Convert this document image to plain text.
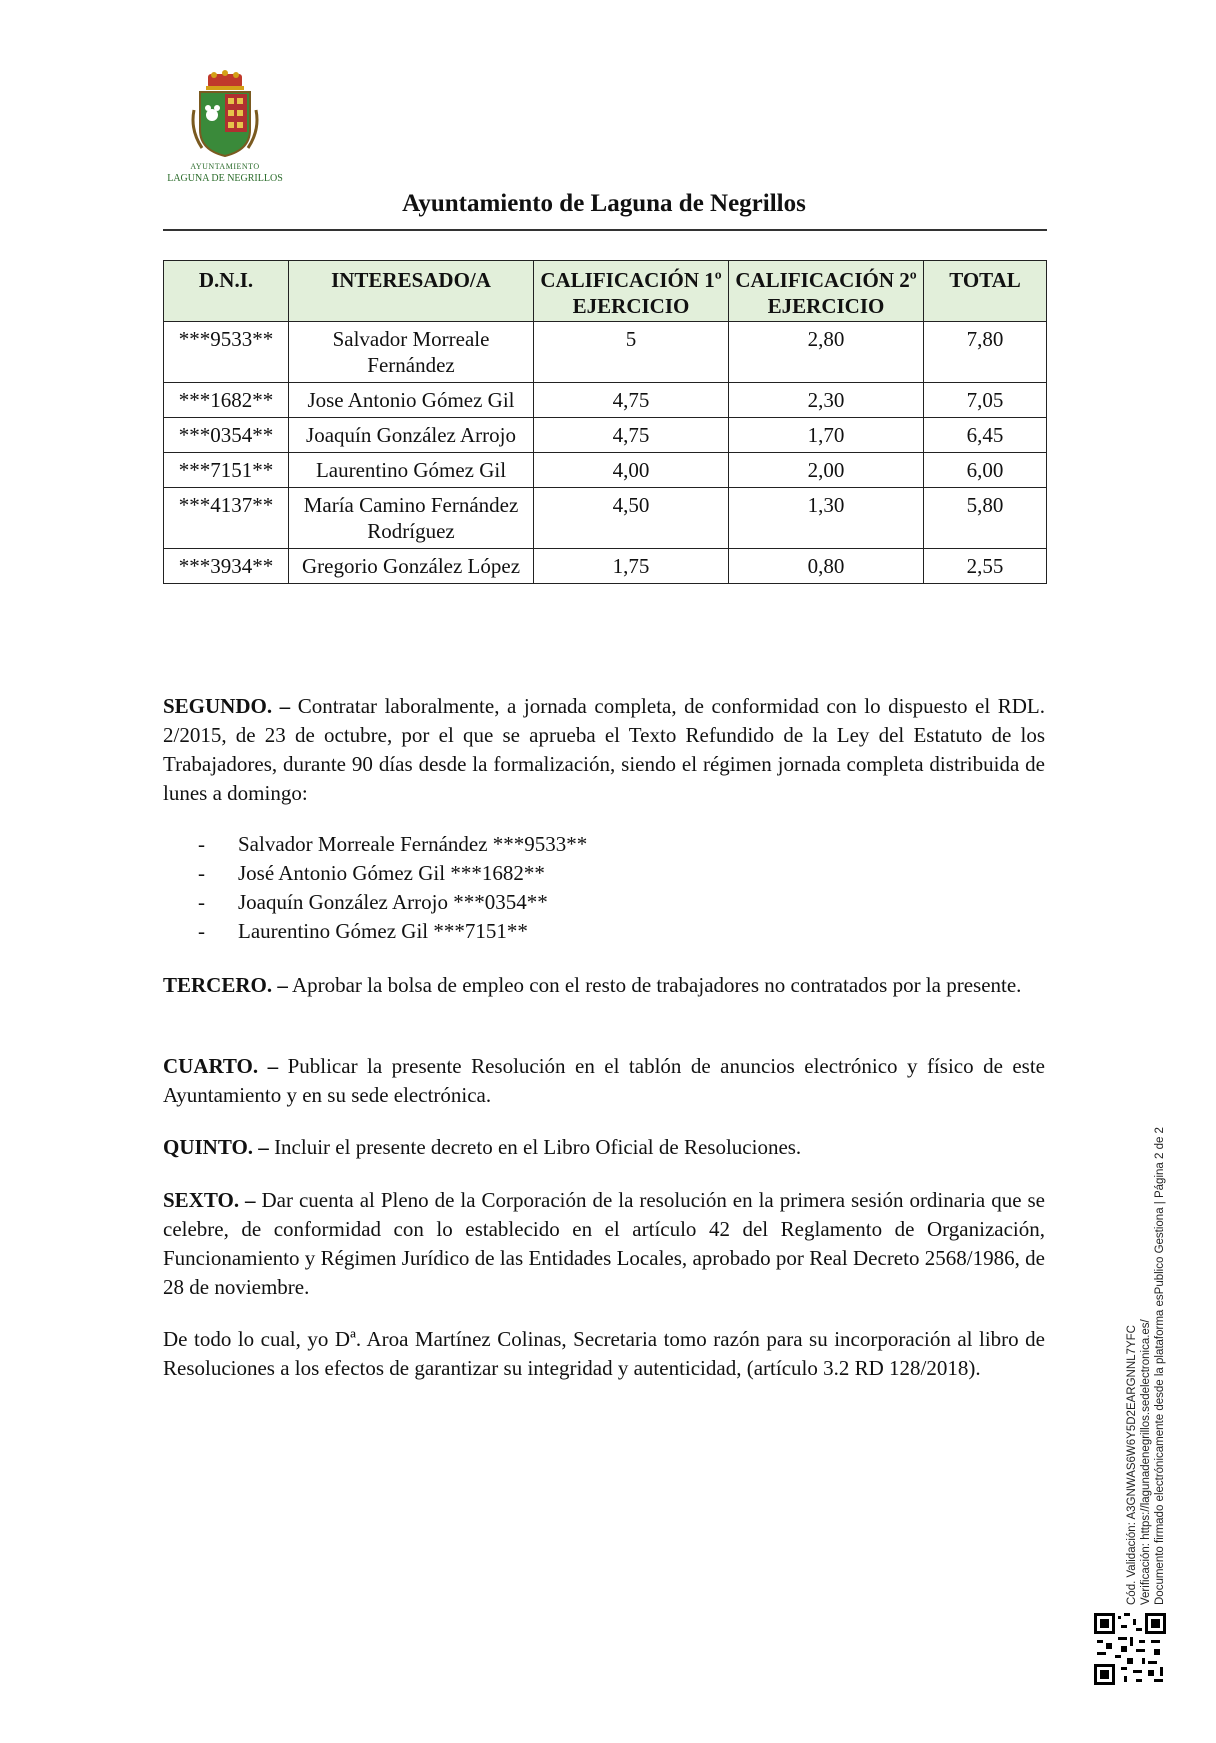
AYUNTAMIENTO
LAGUNA DE NEGRILLOS
Ayuntamiento de Laguna de Negrillos
D.N.I.	INTERESADO/A	CALIFICACIÓN 1º EJERCICIO	CALIFICACIÓN 2º EJERCICIO	TOTAL
***9533**	Salvador Morreale Fernández	5	2,80	7,80
***1682**	Jose Antonio Gómez Gil	4,75	2,30	7,05
***0354**	Joaquín González Arrojo	4,75	1,70	6,45
***7151**	Laurentino Gómez Gil	4,00	2,00	6,00
***4137**	María Camino Fernández Rodríguez	4,50	1,30	5,80
***3934**	Gregorio González López	1,75	0,80	2,55
SEGUNDO. – Contratar laboralmente, a jornada completa, de conformidad con lo dispuesto el RDL. 2/2015, de 23 de octubre, por el que se aprueba el Texto Refundido de la Ley del Estatuto de los Trabajadores, durante 90 días desde la formalización, siendo el régimen jornada completa distribuida de lunes a domingo:
-	Salvador Morreale Fernández ***9533**
-	José Antonio Gómez Gil ***1682**
-	Joaquín González Arrojo ***0354**
-	Laurentino Gómez Gil ***7151**
TERCERO. – Aprobar la bolsa de empleo con el resto de trabajadores no contratados por la presente.
CUARTO. – Publicar la presente Resolución en el tablón de anuncios electrónico y físico de este Ayuntamiento y en su sede electrónica.
QUINTO. – Incluir el presente decreto en el Libro Oficial de Resoluciones.
SEXTO. – Dar cuenta al Pleno de la Corporación de la resolución en la primera sesión ordinaria que se celebre, de conformidad con lo establecido en el artículo 42 del Reglamento de Organización, Funcionamiento y Régimen Jurídico de las Entidades Locales, aprobado por Real Decreto 2568/1986, de 28 de noviembre.
De todo lo cual, yo Dª. Aroa Martínez Colinas, Secretaria tomo razón para su incorporación al libro de Resoluciones a los efectos de garantizar su integridad y autenticidad, (artículo 3.2 RD 128/2018).	Cód. Validación: A3GNWAS6W6Y5D2EARGNNL7YFC Verificación: https://lagunadenegrillos.sedelectronica.es/ Documento firmado electrónicamente desde la plataforma esPublico Gestiona | Página 2 de 2
